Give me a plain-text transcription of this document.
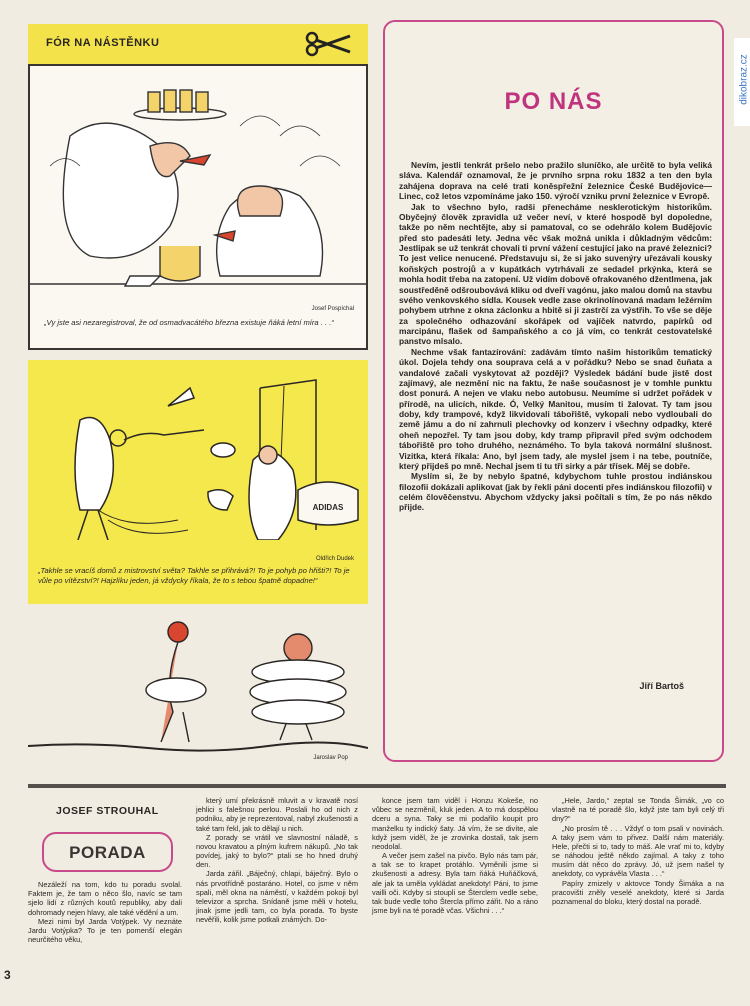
FÓR NA NÁSTĚNKU
Josef Pospíchal
„Vy jste asi nezaregistroval, že od osmadvacátého března existuje ňáká letní míra . . .“
ADIDAS
Oldřich Dudek
„Takhle se vracíš domů z mistrovství světa? Takhle se přihrává?! To je pohyb po hřišti?! To je vůle po vítězství?! Hajzlíku jeden, já vždycky říkala, že to s tebou špatně dopadne!“
Jaroslav Pop
dikobraz.cz
PO NÁS

Nevím, jestli tenkrát pršelo nebo pražilo sluníčko, ale určitě to byla veliká sláva. Kalendář oznamoval, že je prvního srpna roku 1832 a ten den byla zahájena doprava na celé trati koněspřežní železnice České Budějovice—Linec, což letos vzpomínáme jako 150. výročí vzniku první železnice v Evropě.

Jak to všechno bylo, radši přenecháme nesklerotickým historikům. Obyčejný člověk zpravidla už večer neví, v které hospodě byl dopoledne, takže po něm nechtějte, aby si pamatoval, co se odehrálo kolem Budějovic před sto padesáti lety. Jedna věc však možná unikla i důkladným vědcům: Jestlipak se už tenkrát chovali ti první vážení cestující jako na pravé železnici? To jest velice nenucené. Představuju si, že si jako suvenýry uřezávali kousky koňských postrojů a v kupátkách vytrhávali ze sedadel prkýnka, která se mohla hodit třeba na zatopení. Už vidím dobově ofrakovaného džentlmena, jak soustředěně odšroubovává kliku od dveří vagónu, jako malou domů na stavbu svého venkovského sídla. Kousek vedle zase okrinolínovaná madam ležérním pohybem utrhne z okna záclonku a hbitě si ji zastrčí za výstřih. To vše se děje za společného odhazování skořápek od vajíček natvrdo, papírků od marcipánu, flašek od šampaňského a co já vím, co tenkrát cestovatelské panstvo mlsalo.

Nechme však fantazírování: zadávám tímto našim historikům tematický úkol. Dojela tehdy ona souprava celá a v pořádku? Nebo se snad čuňata a vandalové začali vyskytovat až později? Výsledek bádání bude jistě dost zajímavý, ale nezmění nic na faktu, že naše současnost je v tomhle punktu dost ponurá. A nejen ve vlaku nebo autobusu. Neumíme si udržet pořádek v přírodě, na ulicích, nikde. Ó, Velký Manitou, musím ti žalovat. Ty tam jsou doby, kdy trampové, když likvidovali tábořiště, vykopali nebo vydloubali do země jámu a do ní zahrnuli plechovky od konzerv i všechny odpadky, které oheň nepozřel. Ty tam jsou doby, kdy tramp připravil před svým odchodem tábořiště pro toho druhého, neznámého. To byla taková normální slušnost. Vizitka, která říkala: Ano, byl jsem tady, ale myslel jsem i na tebe, poutníče, který přijdeš po mně. Nechal jsem ti tu tři sirky a pár třísek. Měj se dobře.

Myslím si, že by nebylo špatné, kdybychom tuhle prostou indiánskou filozofii dokázali aplikovat (jak by řekli páni docenti přes indiánskou filozofii) v celém člověčenstvu. Abychom vždycky jaksi počítali s tím, že po nás někdo přijde.

Jiří Bartoš
JOSEF STROUHAL
PORADA

Nezáleží na tom, kdo tu poradu svolal. Faktem je, že tam o něco šlo, navíc se tam sjelo lidí z různých koutů republiky, aby dali dohromady nejen hlavy, ale také vědění a um.

Mezi nimi byl Jarda Votýpek. Vy neznáte Jardu Votýpka? To je ten pomenší elegán neurčitého věku,

který umí překrásně mluvit a v kravatě nosí jehlici s falešnou perlou. Poslali ho od nich z podniku, aby je reprezentoval, nabyl zkušenosti a také tam řekl, jak to dělají u nich.

Z porady se vrátil ve slavnostní náladě, s novou kravatou a plným kufrem nákupů. „No tak povídej, jaký to bylo?“ ptali se ho hned druhý den.

Jarda zářil. „Báječný, chlapi, báječný. Bylo o nás prvotřídně postaráno. Hotel, co jsme v něm spali, měl okna na náměstí, v každém pokoji byl televizor a sprcha. Snídaně jsme měli v hotelu, jinak jsme jedli tam, co byla porada. To byste nevěřili, kolik jsme potkali známých. Do-

konce jsem tam viděl i Honzu Kokeše, no vůbec se nezměnil, kluk jeden. A to má dospělou dceru a syna. Taky se mi podařilo koupit pro manželku ty indický šaty. Já vím, že se divíte, ale když jsem viděl, že je zrovinka dostali, tak jsem neodolal.

A večer jsem zašel na pivčo. Bylo nás tam pár, a tak se to krapet protáhlo. Vyměnili jsme si zkušenosti a adresy. Byla tam ňáká Huňáčková, ale jak ta uměla vykládat anekdoty! Páni, to jsme vailli oči. Kdyby si stoupli se Šterclem vedle sebe, tak bude vedle toho Štercla přímo zářit. No a ráno jsme byli na té poradě včas. Všichni . . .“

„Hele, Jardo,“ zeptal se Tonda Šimák, „vo co vlastně na té poradě šlo, když jste tam byli celý tři dny?“

„No prosím tě . . . Vždyť o tom psali v novinách. A taky jsem vám to přivez. Další nám materiály. Hele, přečti si to, tady to máš. Ale vrať mi to, kdyby se náhodou ještě někdo zajímal. A taky z toho musím dát něco do zprávy. Jó, už jsem našel ty anekdoty, co vyprávěla Vlasta . . .“

Papíry zmizely v aktovce Tondy Šimáka a na pracovišti zněly veselé anekdoty, které si Jarda poznamenal do bloku, který dostal na poradě.

3
